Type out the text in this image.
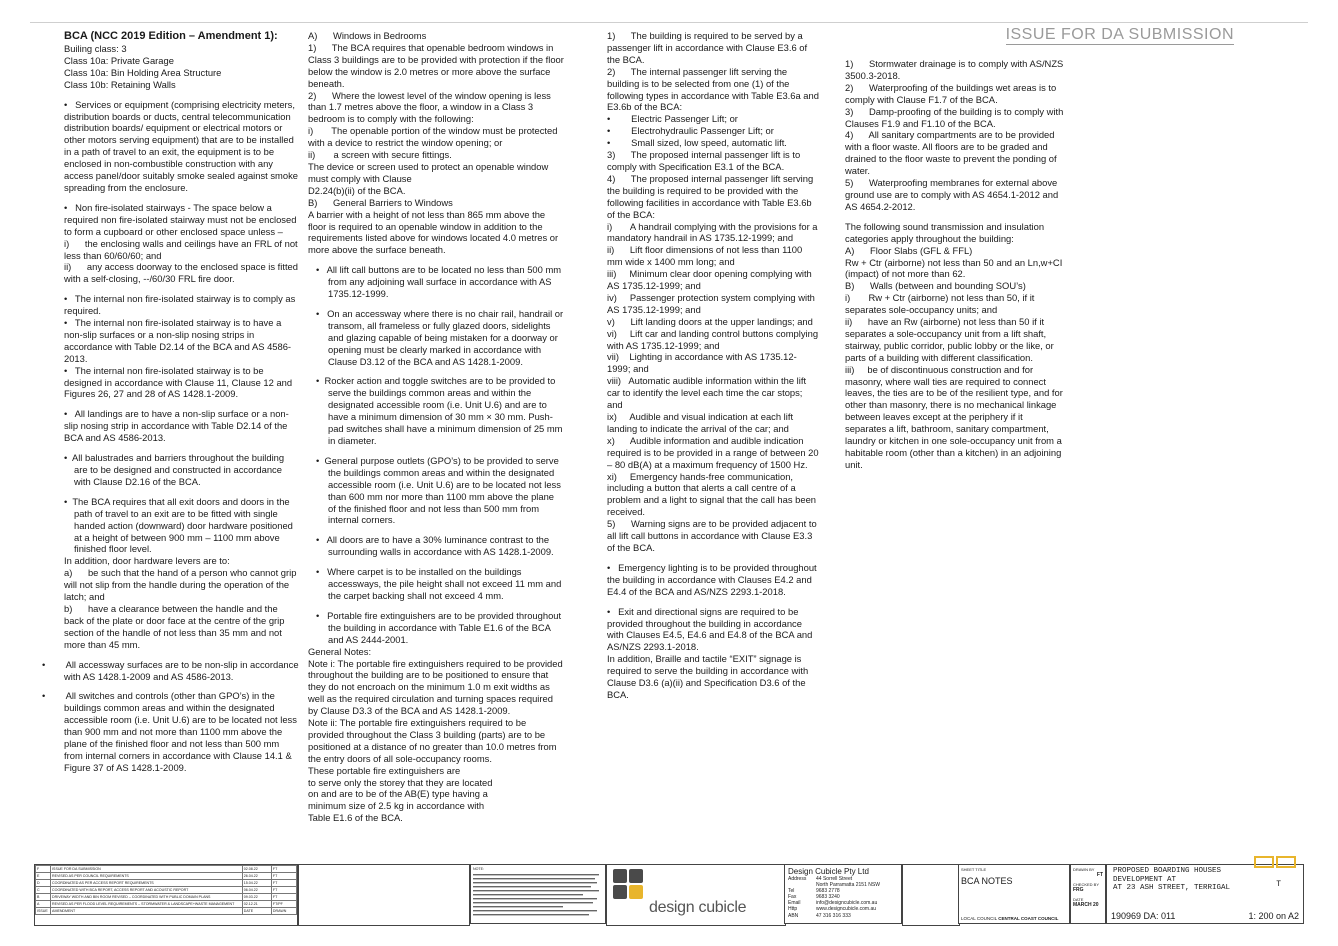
ISSUE FOR DA SUBMISSION

BCA (NCC 2019 Edition – Amendment 1):

Builing class: 3

Class 10a: Private Garage

Class 10a: Bin Holding Area Structure

Class 10b: Retaining Walls

•   Services or equipment (comprising electricity meters, distribution boards or ducts, central telecommunication distribution boards/ equipment or electrical motors or other motors serving equipment) that are to be installed in a path of travel to an exit, the equipment is to be enclosed in non-combustible construction with any access panel/door suitably smoke sealed against smoke spreading from the enclosure.

•   Non fire-isolated stairways - The space below a required non fire-isolated stairway must not be enclosed to form a cupboard or other enclosed space unless –
i)      the enclosing walls and ceilings have an FRL of not less than 60/60/60; and
ii)      any access doorway to the enclosed space is fitted with a self-closing, --/60/30 FRL fire door.

•   The internal non fire-isolated stairway is to comply as required.

•   The internal non fire-isolated stairway is to have a non-slip surfaces or a non-slip nosing strips in accordance with Table D2.14 of the BCA and AS 4586-2013.

•   The internal non fire-isolated stairway is to be designed in accordance with Clause 11, Clause 12 and Figures 26, 27 and 28 of AS 1428.1-2009.

•   All landings are to have a non-slip surface or a non-slip nosing strip in accordance with Table D2.14 of the BCA and AS 4586-2013.

•  All balustrades and barriers throughout the building are to be designed and constructed in accordance with Clause D2.16 of the BCA.

•  The BCA requires that all exit doors and doors in the path of travel to an exit are to be fitted with single handed action (downward) door hardware positioned at a height of between 900 mm – 1100 mm above finished floor level.

In addition, door hardware levers are to:
a)      be such that the hand of a person who cannot grip will not slip from the handle during the operation of the latch; and
b)      have a clearance between the handle and the back of the plate or door face at the centre of the grip section of the handle of not less than 35 mm and not more than 45 mm.

•        All accessway surfaces are to be non-slip in accordance with AS 1428.1-2009 and AS 4586-2013.

•        All switches and controls (other than GPO’s) in the buildings common areas and within the designated accessible room (i.e. Unit U.6) are to be located not less than 900 mm and not more than 1100 mm above the plane of the finished floor and not less than 500 mm from internal corners in accordance with Clause 14.1 & Figure 37 of AS 1428.1-2009.

A)      Windows in Bedrooms
1)      The BCA requires that openable bedroom windows in Class 3 buildings are to be provided with protection if the floor below the window is 2.0 metres or more above the surface beneath.
2)      Where the lowest level of the window opening is less than 1.7 metres above the floor, a window in a Class 3 bedroom is to comply with the following:
i)       The openable portion of the window must be protected with a device to restrict the window opening; or
ii)       a screen with secure fittings.
The device or screen used to protect an openable window must comply with Clause
D2.24(b)(ii) of the BCA.
B)      General Barriers to Windows
A barrier with a height of not less than 865 mm above the floor is required to an openable window in addition to the requirements listed above for windows located 4.0 metres or more above the surface beneath.

•   All lift call buttons are to be located no less than 500 mm from any adjoining wall surface in accordance with AS 1735.12-1999.

•   On an accessway where there is no chair rail, handrail or transom, all frameless or fully glazed doors, sidelights and glazing capable of being mistaken for a doorway or opening must be clearly marked in accordance with Clause D3.12 of the BCA and AS 1428.1-2009.

•  Rocker action and toggle switches are to be provided to serve the buildings common areas and within the designated accessible room (i.e. Unit U.6) and are to have a minimum dimension of 30 mm × 30 mm. Push-pad switches shall have a minimum dimension of 25 mm in diameter.

•  General purpose outlets (GPO’s) to be provided to serve the buildings common areas and within the designated accessible room (i.e. Unit U.6) are to be located not less than 600 mm nor more than 1100 mm above the plane of the finished floor and not less than 500 mm from internal corners.

•   All doors are to have a 30% luminance contrast to the surrounding walls in accordance with AS 1428.1-2009.

•   Where carpet is to be installed on the buildings accessways, the pile height shall not exceed 11 mm and the carpet backing shall not exceed 4 mm.

•   Portable fire extinguishers are to be provided throughout the building in accordance with Table E1.6 of the BCA and AS 2444-2001.

General Notes:
Note i: The portable fire extinguishers required to be provided throughout the building are to be positioned to ensure that they do not encroach on the minimum 1.0 m exit widths as well as the required circulation and turning spaces required by Clause D3.3 of the BCA and AS 1428.1-2009.
Note ii: The portable fire extinguishers required to be provided throughout the Class 3 building (parts) are to be positioned at a distance of no greater than 10.0 metres from the entry doors of all sole-occupancy rooms.
These portable fire extinguishers are
to serve only the storey that they are located
on and are to be of the AB(E) type having a
minimum size of 2.5 kg in accordance with
Table E1.6 of the BCA.

1)      The building is required to be served by a passenger lift in accordance with Clause E3.6 of the BCA.
2)      The internal passenger lift serving the building is to be selected from one (1) of the following types in accordance with Table E3.6a and E3.6b of the BCA:
•        Electric Passenger Lift; or
•        Electrohydraulic Passenger Lift; or
•        Small sized, low speed, automatic lift.
3)      The proposed internal passenger lift is to comply with Specification E3.1 of the BCA.
4)      The proposed internal passenger lift serving the building is required to be provided with the following facilities in accordance with Table E3.6b of the BCA:
i)       A handrail complying with the provisions for a mandatory handrail in AS 1735.12-1999; and
ii)      Lift floor dimensions of not less than 1100 mm wide x 1400 mm long; and
iii)     Minimum clear door opening complying with AS 1735.12-1999; and
iv)     Passenger protection system complying with AS 1735.12-1999; and
v)      Lift landing doors at the upper landings; and
vi)     Lift car and landing control buttons complying with AS 1735.12-1999; and
vii)    Lighting in accordance with AS 1735.12-1999; and
viii)   Automatic audible information within the lift car to identify the level each time the car stops; and
ix)     Audible and visual indication at each lift landing to indicate the arrival of the car; and
x)      Audible information and audible indication required is to be provided in a range of between 20 – 80 dB(A) at a maximum frequency of 1500 Hz.
xi)     Emergency hands-free communication, including a button that alerts a call centre of a problem and a light to signal that the call has been received.
5)      Warning signs are to be provided adjacent to all lift call buttons in accordance with Clause E3.3 of the BCA.

•   Emergency lighting is to be provided throughout the building in accordance with Clauses E4.2 and E4.4 of the BCA and AS/NZS 2293.1-2018.

•   Exit and directional signs are required to be provided throughout the building in accordance with Clauses E4.5, E4.6 and E4.8 of the BCA and AS/NZS 2293.1-2018.
In addition, Braille and tactile “EXIT” signage is required to serve the building in accordance with Clause D3.6 (a)(ii) and Specification D3.6 of the BCA.

1)      Stormwater drainage is to comply with AS/NZS 3500.3-2018.
2)      Waterproofing of the buildings wet areas is to comply with Clause F1.7 of the BCA.
3)      Damp-proofing of the building is to comply with Clauses F1.9 and F1.10 of the BCA.
4)      All sanitary compartments are to be provided with a floor waste. All floors are to be graded and drained to the floor waste to prevent the ponding of water.
5)      Waterproofing membranes for external above ground use are to comply with AS 4654.1-2012 and AS 4654.2-2012.

The following sound transmission and insulation categories apply throughout the building:
A)      Floor Slabs (GFL & FFL)
Rw + Ctr (airborne) not less than 50 and an Ln,w+CI (impact) of not more than 62.
B)      Walls (between and bounding SOU’s)
i)       Rw + Ctr (airborne) not less than 50, if it separates sole-occupancy units; and
ii)      have an Rw (airborne) not less than 50 if it separates a sole-occupancy unit from a lift shaft, stairway, public corridor, public lobby or the like, or parts of a building with different classification.
iii)     be of discontinuous construction and for masonry, where wall ties are required to connect leaves, the ties are to be of the resilient type, and for other than masonry, there is no mechanical linkage between leaves except at the periphery if it separates a lift, bathroom, sanitary compartment, laundry or kitchen in one sole-occupancy unit from a habitable room (other than a kitchen) in an adjoining unit.

F	ISSUE FOR DA SUBMISSION	02.08.22	FT
E	REVISED AS PER COUNCIL REQUIREMENTS	26.04.22	FT
D	COORDINATED AS PER ACCESS REPORT REQUIREMENTS	15.04.22	FT
C	COORDINATED WITH BCA REPORT, ACCESS REPORT AND ACOUSTIC REPORT	06.04.22	FT
B	DRIVEWAY WIDTH AND BIN ROOM REVISED – COORDINATED WITH PUBLIC DOMAIN PLANS	09.03.22	FT
A	REVISED AS PER FLOOD LEVEL REQUIREMENTS – STORMWATER & LANDSCAPE+WASTE MANAGEMENT	02.12.21	FT/PF
ISSUE	AMENDMENT	DATE	DRAWN
NOTE:
design cubicle
Design Cubicle Pty Ltd
Address	44 Sorrell Street
North Parramatta 2151 NSW
Tel	9683 2778
Fax	9683 3240
Email	info@designcubicle.com.au
Http	www.designcubicle.com.au
ABN	47 316 316 333
SHEET TITLE
BCA NOTES
LOCAL COUNCIL CENTRAL COAST COUNCIL
DRAWN BY
FT
CHECKED BY
FRG
DATE
MARCH 20
PROPOSED BOARDING HOUSES
DEVELOPMENT AT
AT 23 ASH STREET, TERRIGAL	T
190969 DA: 011	1: 200 on A2
